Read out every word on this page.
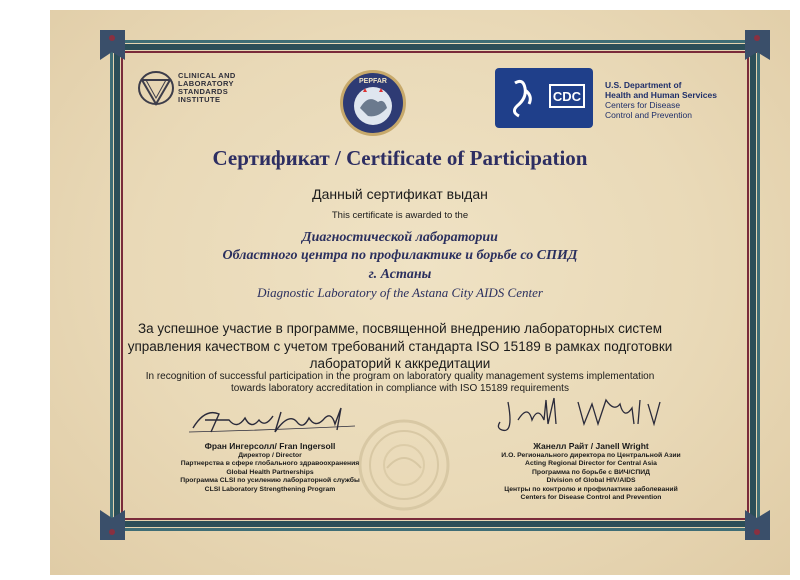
CLINICAL AND
LABORATORY
STANDARDS
INSTITUTE
PEPFAR
CDC
U.S. Department of
Health and Human Services
Centers for Disease
Control and Prevention
Сертификат / Certificate of Participation
Данный сертификат выдан
This certificate is awarded to the
Диагностической лаборатории
Областного центра по профилактике и борьбе со СПИД
г. Астаны
Diagnostic Laboratory of the Astana City AIDS Center
За успешное участие в программе, посвященной внедрению лабораторных систем
управления качеством с учетом требований стандарта ISO 15189 в рамках подготовки
лабораторий к аккредитации
In recognition of successful participation in the program on laboratory quality management systems implementation
towards laboratory accreditation in compliance with ISO 15189 requirements
Фран Ингерсолл/ Fran Ingersoll
Директор / Director
Партнерства в сфере глобального здравоохранения
Global Health Partnerships
Программа CLSI по усилению лабораторной службы
CLSI Laboratory Strengthening Program
Жанелл Райт / Janell Wright
И.О. Регионального директора по Центральной Азии
Acting Regional Director for Central Asia
Программа по борьбе с ВИЧ/СПИД
Division of Global HIV/AIDS
Центры по контролю и профилактике заболеваний
Centers for Disease Control and Prevention
